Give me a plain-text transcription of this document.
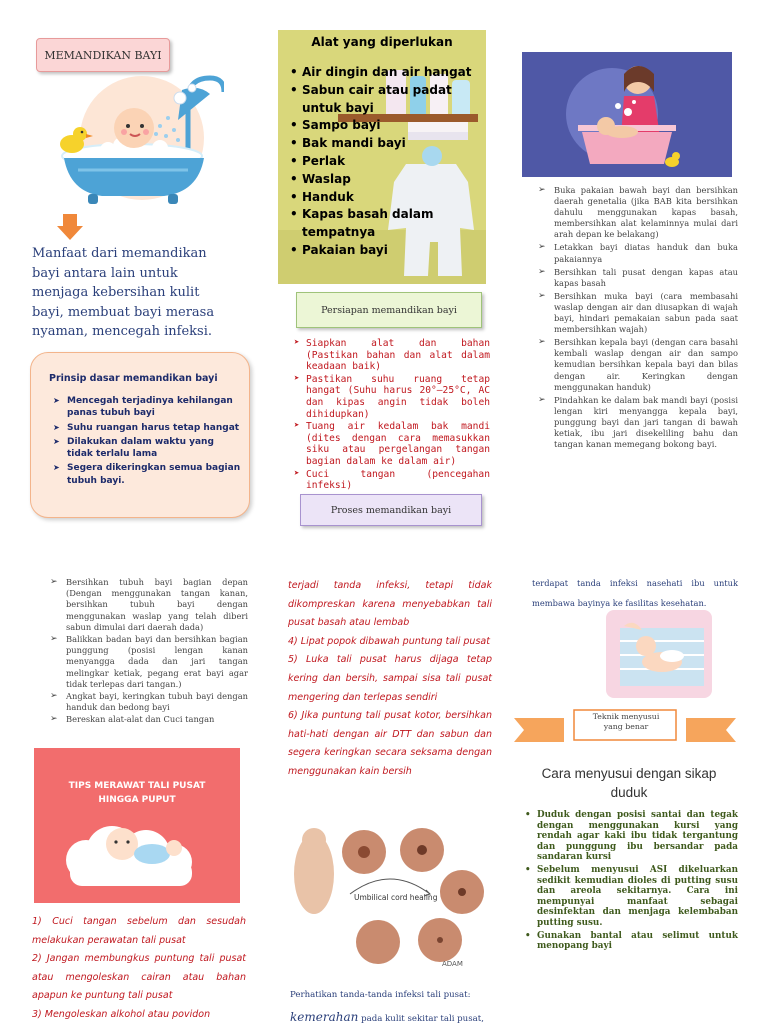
MEMANDIKAN BAYI
Manfaat dari memandikan bayi antara lain untuk menjaga kebersihan kulit bayi, membuat bayi merasa nyaman, mencegah infeksi.
Prinsip dasar memandikan bayi
➤ Mencegah terjadinya kehilangan panas tubuh bayi
➤ Suhu ruangan harus tetap hangat
➤ Dilakukan dalam waktu yang tidak terlalu lama
➤ Segera dikeringkan semua bagian tubuh bayi.
Alat yang diperlukan
• Air dingin dan air hangat
• Sabun cair atau padat untuk bayi
• Sampo bayi
• Bak mandi bayi
• Perlak
• Waslap
• Handuk
• Kapas basah dalam tempatnya
• Pakaian bayi
Persiapan memandikan bayi
➤ Siapkan alat dan bahan (Pastikan bahan dan alat dalam keadaan baik)
➤ Pastikan suhu ruang tetap hangat (Suhu harus 20°–25°C, AC dan kipas angin tidak boleh dihidupkan)
➤ Tuang air kedalam bak mandi (dites dengan cara memasukkan siku atau pergelangan tangan bagian dalam ke dalam air)
➤ Cuci tangan (pencegahan infeksi)
Proses memandikan bayi
➢ Buka pakaian bawah bayi dan bersihkan daerah genetalia (jika BAB kita bersihkan dahulu menggunakan kapas basah, membersihkan alat kelaminnya mulai dari arah depan ke belakang)
➢ Letakkan bayi diatas handuk dan buka pakaiannya
➢ Bersihkan tali pusat dengan kapas atau kapas basah
➢ Bersihkan muka bayi (cara membasahi waslap dengan air dan diusapkan di wajah bayi, hindari pemakaian sabun pada saat membersihkan wajah)
➢ Bersihkan kepala bayi (dengan cara basahi kembali waslap dengan air dan sampo kemudian bersihkan kepala bayi dan bilas dengan air. Keringkan dengan menggunakan handuk)
➢ Pindahkan ke dalam bak mandi bayi (posisi lengan kiri menyangga kepala bayi, punggung bayi dan jari tangan di bawah ketiak, ibu jari disekeliling bahu dan tangan kanan memegang bokong bayi.
➢ Bersihkan tubuh bayi bagian depan (Dengan menggunakan tangan kanan, bersihkan tubuh bayi dengan menggunakan waslap yang telah diberi sabun dimulai dari daerah dada)
➢ Balikkan badan bayi dan bersihkan bagian punggung (posisi lengan kanan menyangga dada dan jari tangan melingkar ketiak, pegang erat bayi agar tidak terlepas dari tangan.)
➢ Angkat bayi, keringkan tubuh bayi dengan handuk dan bedong bayi
➢ Bereskan alat-alat dan Cuci tangan
TIPS MERAWAT TALI PUSAT
HINGGA PUPUT
1) Cuci tangan sebelum dan sesudah melakukan perawatan tali pusat
2) Jangan membungkus puntung tali pusat atau mengoleskan cairan atau bahan apapun ke puntung tali pusat
3) Mengoleskan alkohol atau povidon

terjadi tanda infeksi, tetapi tidak dikompreskan karena menyebabkan tali pusat basah atau lembab

4) Lipat popok dibawah puntung tali pusat

5) Luka tali pusat harus dijaga tetap kering dan bersih, sampai sisa tali pusat mengering dan terlepas sendiri

6) Jika puntung tali pusat kotor, bersihkan hati-hati dengan air DTT dan sabun dan segera keringkan secara seksama dengan menggunakan kain bersih

Umbilical cord healing
ADAM
Perhatikan tanda-tanda infeksi tali pusat:
kemerahan pada kulit sekitar tali pusat,
terdapat tanda infeksi nasehati ibu untuk membawa bayinya ke fasilitas kesehatan.
Teknik menyusui yang benar
Cara menyusui dengan sikap duduk
• Duduk dengan posisi santai dan tegak dengan menggunakan kursi yang rendah agar kaki ibu tidak tergantung dan punggung ibu bersandar pada sandaran kursi
• Sebelum menyusui ASI dikeluarkan sedikit kemudian dioles di putting susu dan areola sekitarnya. Cara ini mempunyai manfaat sebagai desinfektan dan menjaga kelembaban putting susu.
• Gunakan bantal atau selimut untuk menopang bayi
